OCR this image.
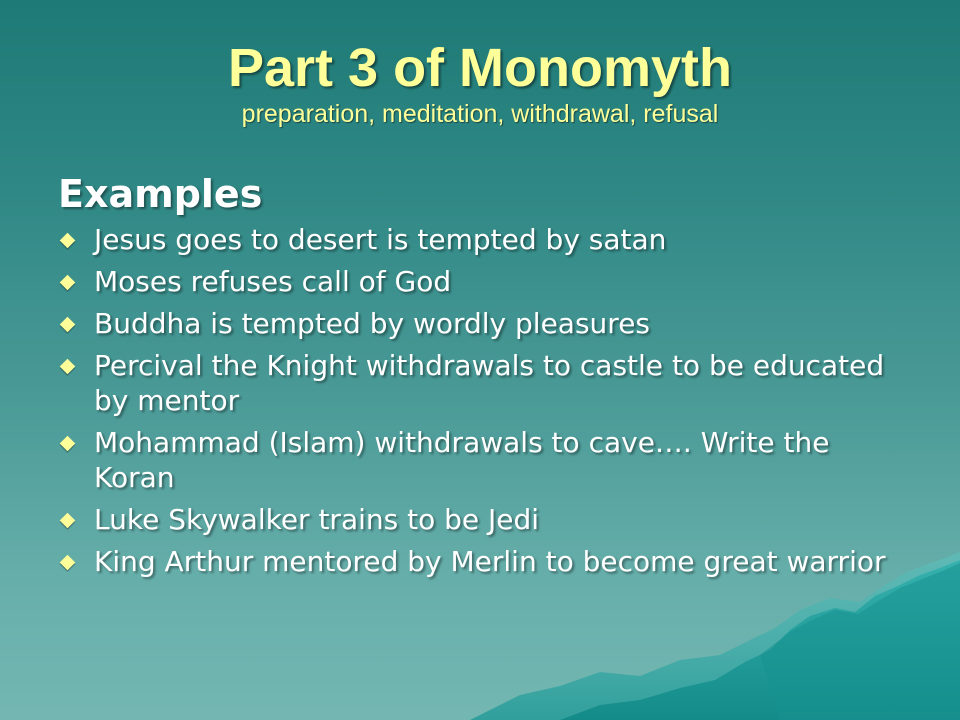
Part 3 of Monomyth

preparation, meditation, withdrawal, refusal

Examples
Jesus goes to desert is tempted by satan
Moses refuses call of God
Buddha is tempted by wordly pleasures
Percival the Knight withdrawals to castle to be educated by mentor
Mohammad (Islam) withdrawals to cave…. Write the Koran
Luke Skywalker trains to be Jedi
King Arthur mentored by Merlin to become great warrior
